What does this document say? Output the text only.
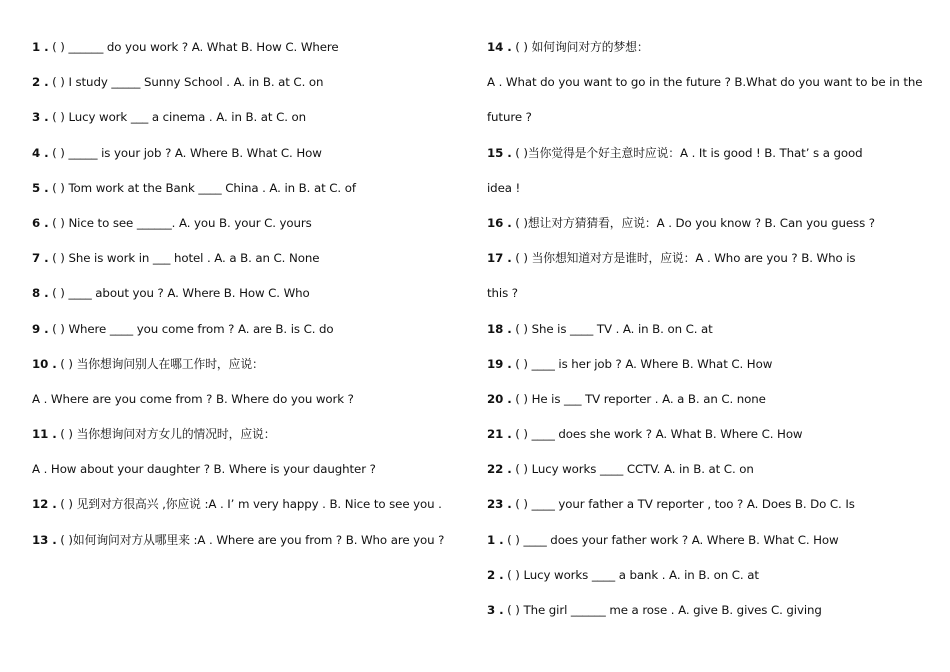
1 . ( ) ______ do you work ? A. What B. How C. Where
2 . ( ) I study _____ Sunny School . A. in B. at C. on
3 . ( ) Lucy work ___ a cinema . A. in B. at C. on
4 . ( ) _____ is your job ? A. Where B. What C. How
5 . ( ) Tom work at the Bank ____ China . A. in B. at C. of
6 . ( ) Nice to see ______. A. you B. your C. yours
7 . ( ) She is work in ___ hotel . A. a B. an C. None
8 . ( ) ____ about you ? A. Where B. How C. Who
9 . ( ) Where ____ you come from ? A. are B. is C. do
10 . ( ) 当你想询问别人在哪工作时，应说：
A . Where are you come from ? B. Where do you work ?
11 . ( ) 当你想询问对方女儿的情况时，应说：
A . How about your daughter ? B. Where is your daughter ?
12 . ( ) 见到对方很高兴 ,你应说 :A . I’ m very happy . B. Nice to see you .
13 . ( )如何询问对方从哪里来 :A . Where are you from ? B. Who are you ?
14 . ( ) 如何询问对方的梦想：
A . What do you want to go in the future ? B.What do you want to be in the
future ?
15 . ( )当你觉得是个好主意时应说：A . It is good ! B. That’ s a good
idea !
16 . ( )想让对方猜猜看，应说：A . Do you know ? B. Can you guess ?
17 . ( ) 当你想知道对方是谁时，应说：A . Who are you ? B. Who is
this ?
18 . ( ) She is ____ TV . A. in B. on C. at
19 . ( ) ____ is her job ? A. Where B. What C. How
20 . ( ) He is ___ TV reporter . A. a B. an C. none
21 . ( ) ____ does she work ? A. What B. Where C. How
22 . ( ) Lucy works ____ CCTV. A. in B. at C. on
23 . ( ) ____ your father a TV reporter , too ? A. Does B. Do C. Is
1 . ( ) ____ does your father work ? A. Where B. What C. How
2 . ( ) Lucy works ____ a bank . A. in B. on C. at
3 . ( ) The girl ______ me a rose . A. give B. gives C. giving
